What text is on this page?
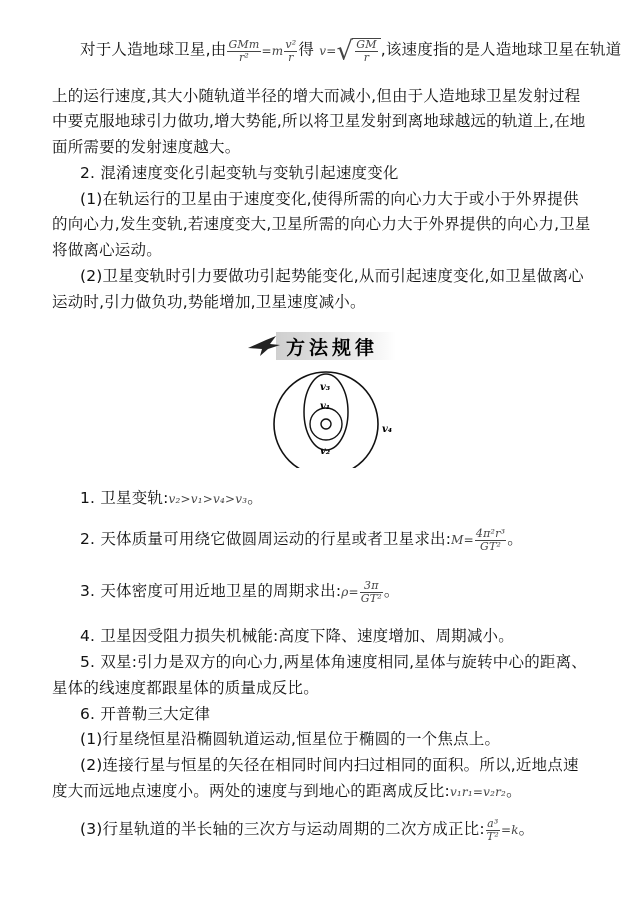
对于人造地球卫星,由 $\frac{\text{GMm}}{\text{r²}} =m \frac{\text{v²}}{r}$ 得 $v=√ \frac{GM}{r}$ ,该速度指的是人造地球卫星在轨道
上的运行速度,其大小随轨道半径的增大而减小,但由于人造地球卫星发射过程
中要克服地球引力做功,增大势能,所以将卫星发射到离地球越远的轨道上,在地
面所需要的发射速度越大。
2. 混淆速度变化引起变轨与变轨引起速度变化
(1)在轨运行的卫星由于速度变化,使得所需的向心力大于或小于外界提供
的向心力,发生变轨,若速度变大,卫星所需的向心力大于外界提供的向心力,卫星
将做离心运动。
(2)卫星变轨时引力要做功引起势能变化,从而引起速度变化,如卫星做离心
运动时,引力做负功,势能增加,卫星速度减小。
方法规律
v₃
v₁
v₂
v₄
1. 卫星变轨:v₂>v₁>v₄>v₃。
2. 天体质量可用绕它做圆周运动的行星或者卫星求出:M= $\frac{\text{4π²r³}}{\text{GT²}}$ 。
3. 天体密度可用近地卫星的周期求出:ρ= $\frac{3\pi}{\text{GT²}}$ 。
4. 卫星因受阻力损失机械能:高度下降、速度增加、周期减小。
5. 双星:引力是双方的向心力,两星体角速度相同,星体与旋转中心的距离、
星体的线速度都跟星体的质量成反比。
6. 开普勒三大定律
(1)行星绕恒星沿椭圆轨道运动,恒星位于椭圆的一个焦点上。
(2)连接行星与恒星的矢径在相同时间内扫过相同的面积。所以,近地点速
度大而远地点速度小。两处的速度与到地心的距离成反比:v₁r₁=v₂r₂。
(3)行星轨道的半长轴的三次方与运动周期的二次方成正比: $\frac{\text{a³}}{\text{T²}} =k$。
